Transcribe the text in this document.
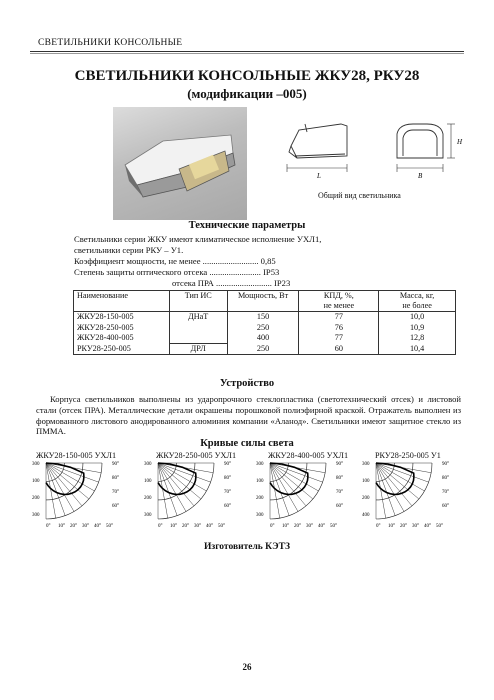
СВЕТИЛЬНИКИ КОНСОЛЬНЫЕ
СВЕТИЛЬНИКИ КОНСОЛЬНЫЕ ЖКУ28, РКУ28
(модификации –005)
L	B
H
Общий вид светильника
Технические параметры
Светильники серии ЖКУ имеют климатическое исполнение УХЛ1,
светильники серии РКУ – У1.
Коэффициент мощности, не менее .......................... 0,85
Степень защиты оптического отсека ........................ IP53
отсека ПРА .......................... IP23
Наименование	Тип ИС	Мощность, Вт	КПД, %,	Масса, кг,
			не менее	не более
ЖКУ28-150-005	ДНаТ	150	77	10,0
ЖКУ28-250-005		250	76	10,9
ЖКУ28-400-005		400	77	12,8
РКУ28-250-005	ДРЛ	250	60	10,4
Устройство
Корпуса светильников выполнены из ударопрочного стеклопластика (светотехнический отсек) и листовой стали (отсек ПРА). Металлические детали окрашены порошковой полиэфирной краской. Отражатель выполнен из формованного листового анодированного алюминия компании «Аланод». Светильники имеют защитное стекло из ПММА.
Кривые силы света
ЖКУ28-150-005 УХЛ1	ЖКУ28-250-005 УХЛ1	ЖКУ28-400-005 УХЛ1	РКУ28-250-005 У1
300
100
200
300
90°
80°
70°
60°
0° 10° 20° 30° 40° 50°
300
100
200
300
90°
80°
70°
60°
0° 10° 20° 30° 40° 50°
300
100
200
300
90°
80°
70°
60°
0° 10° 20° 30° 40° 50°
300
100
200
400
90°
80°
70°
60°
0° 10° 20° 30° 40° 50°
Изготовитель КЭТЗ
26
